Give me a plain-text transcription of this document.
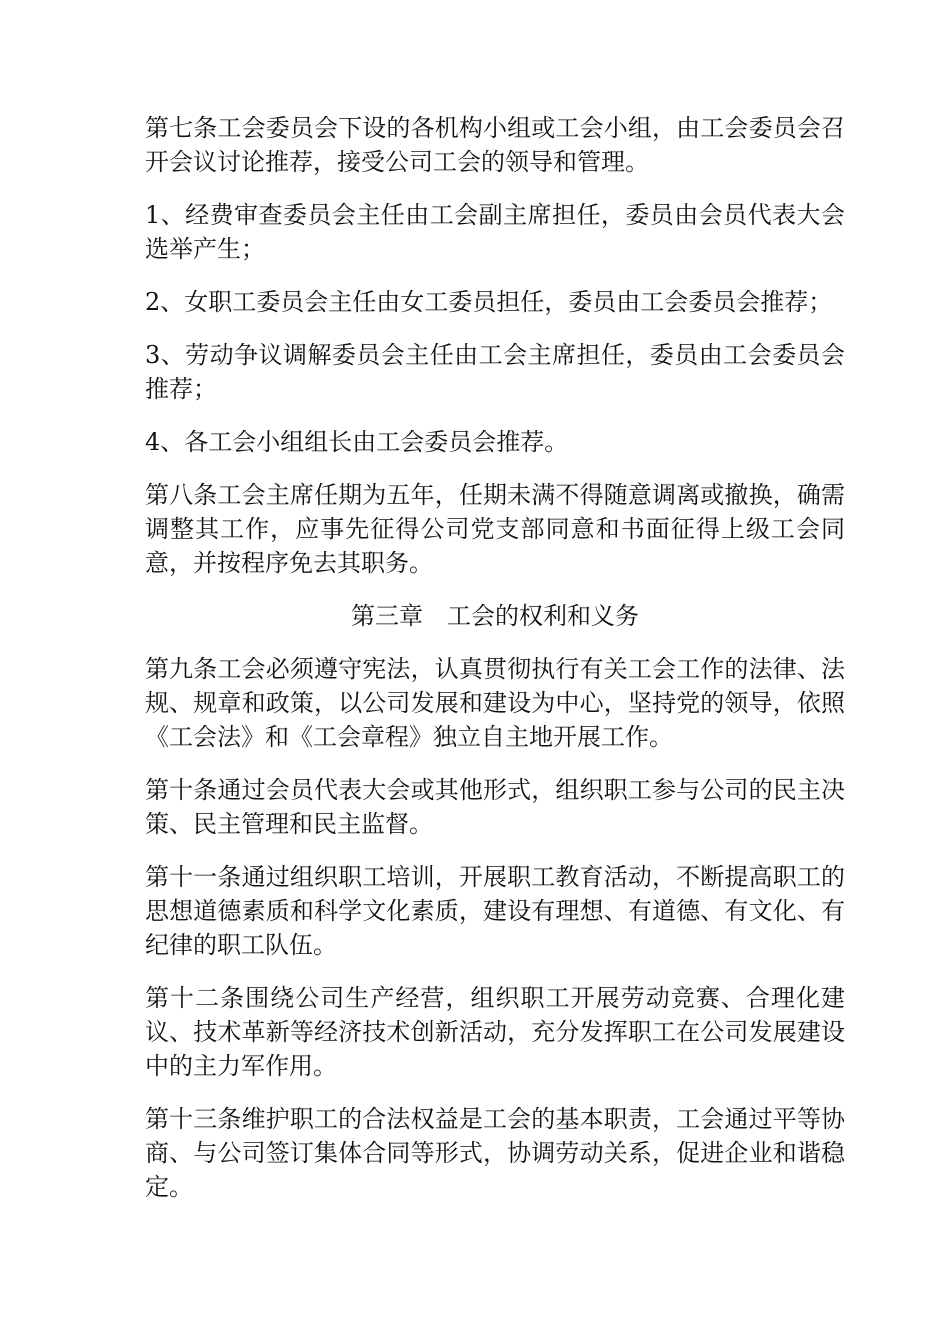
第七条工会委员会下设的各机构小组或工会小组，由工会委员会召开会议讨论推荐，接受公司工会的领导和管理。

1、经费审查委员会主任由工会副主席担任，委员由会员代表大会选举产生；

2、女职工委员会主任由女工委员担任，委员由工会委员会推荐；

3、劳动争议调解委员会主任由工会主席担任，委员由工会委员会推荐；

4、各工会小组组长由工会委员会推荐。

第八条工会主席任期为五年，任期未满不得随意调离或撤换，确需调整其工作，应事先征得公司党支部同意和书面征得上级工会同意，并按程序免去其职务。

第三章　工会的权利和义务

第九条工会必须遵守宪法，认真贯彻执行有关工会工作的法律、法规、规章和政策，以公司发展和建设为中心，坚持党的领导，依照《工会法》和《工会章程》独立自主地开展工作。

第十条通过会员代表大会或其他形式，组织职工参与公司的民主决策、民主管理和民主监督。

第十一条通过组织职工培训，开展职工教育活动，不断提高职工的思想道德素质和科学文化素质，建设有理想、有道德、有文化、有纪律的职工队伍。

第十二条围绕公司生产经营，组织职工开展劳动竞赛、合理化建议、技术革新等经济技术创新活动，充分发挥职工在公司发展建设中的主力军作用。

第十三条维护职工的合法权益是工会的基本职责，工会通过平等协商、与公司签订集体合同等形式，协调劳动关系，促进企业和谐稳定。
